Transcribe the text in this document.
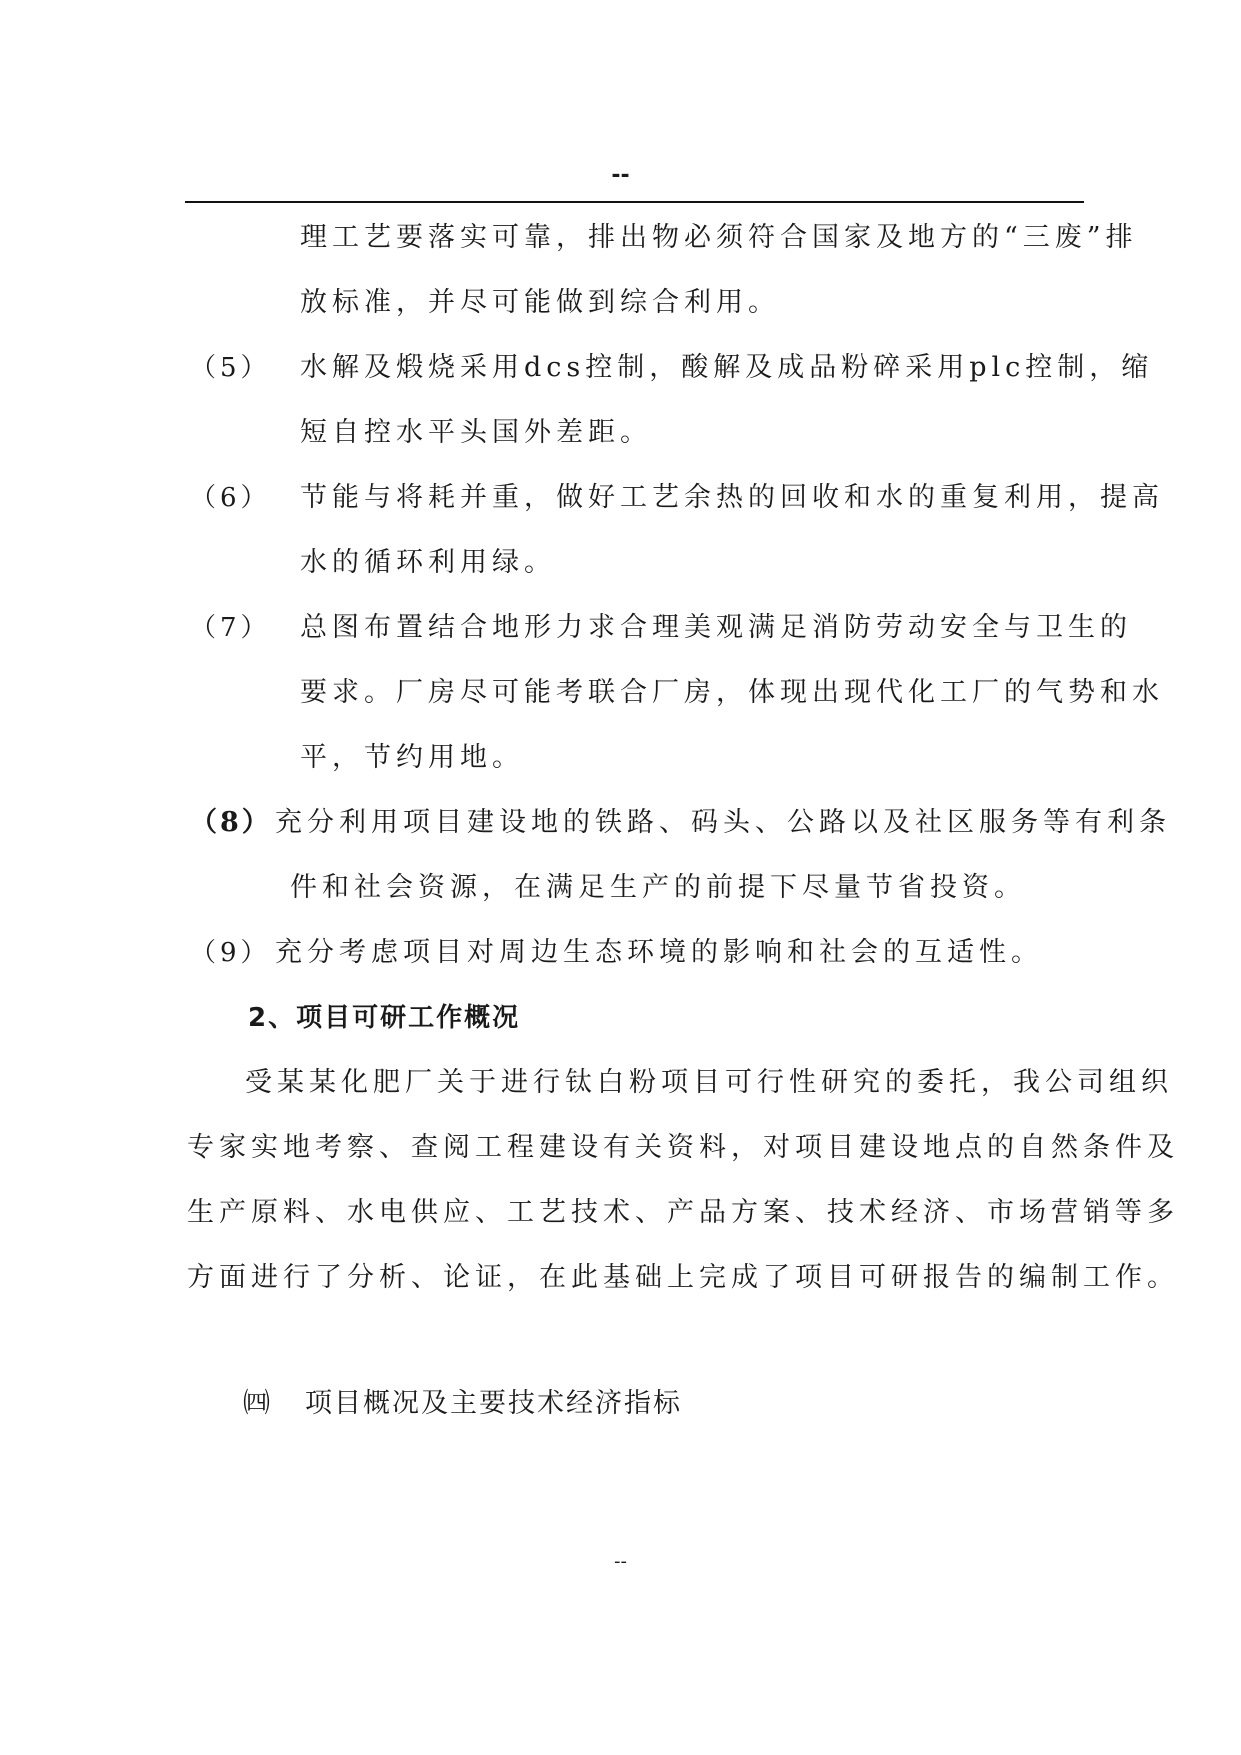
--
理工艺要落实可靠，排出物必须符合国家及地方的“三废”排
放标准，并尽可能做到综合利用。
（5） 水解及煅烧采用dcs控制，酸解及成品粉碎采用plc控制，缩
短自控水平头国外差距。
（6） 节能与将耗并重，做好工艺余热的回收和水的重复利用，提高
水的循环利用绿。
（7） 总图布置结合地形力求合理美观满足消防劳动安全与卫生的
要求。厂房尽可能考联合厂房，体现出现代化工厂的气势和水
平，节约用地。
（8） 充分利用项目建设地的铁路、码头、公路以及社区服务等有利条
件和社会资源，在满足生产的前提下尽量节省投资。
（9） 充分考虑项目对周边生态环境的影响和社会的互适性。
2、项目可研工作概况
受某某化肥厂关于进行钛白粉项目可行性研究的委托，我公司组织
专家实地考察、查阅工程建设有关资料，对项目建设地点的自然条件及
生产原料、水电供应、工艺技术、产品方案、技术经济、市场营销等多
方面进行了分析、论证，在此基础上完成了项目可研报告的编制工作。
㈣ 项目概况及主要技术经济指标
--
